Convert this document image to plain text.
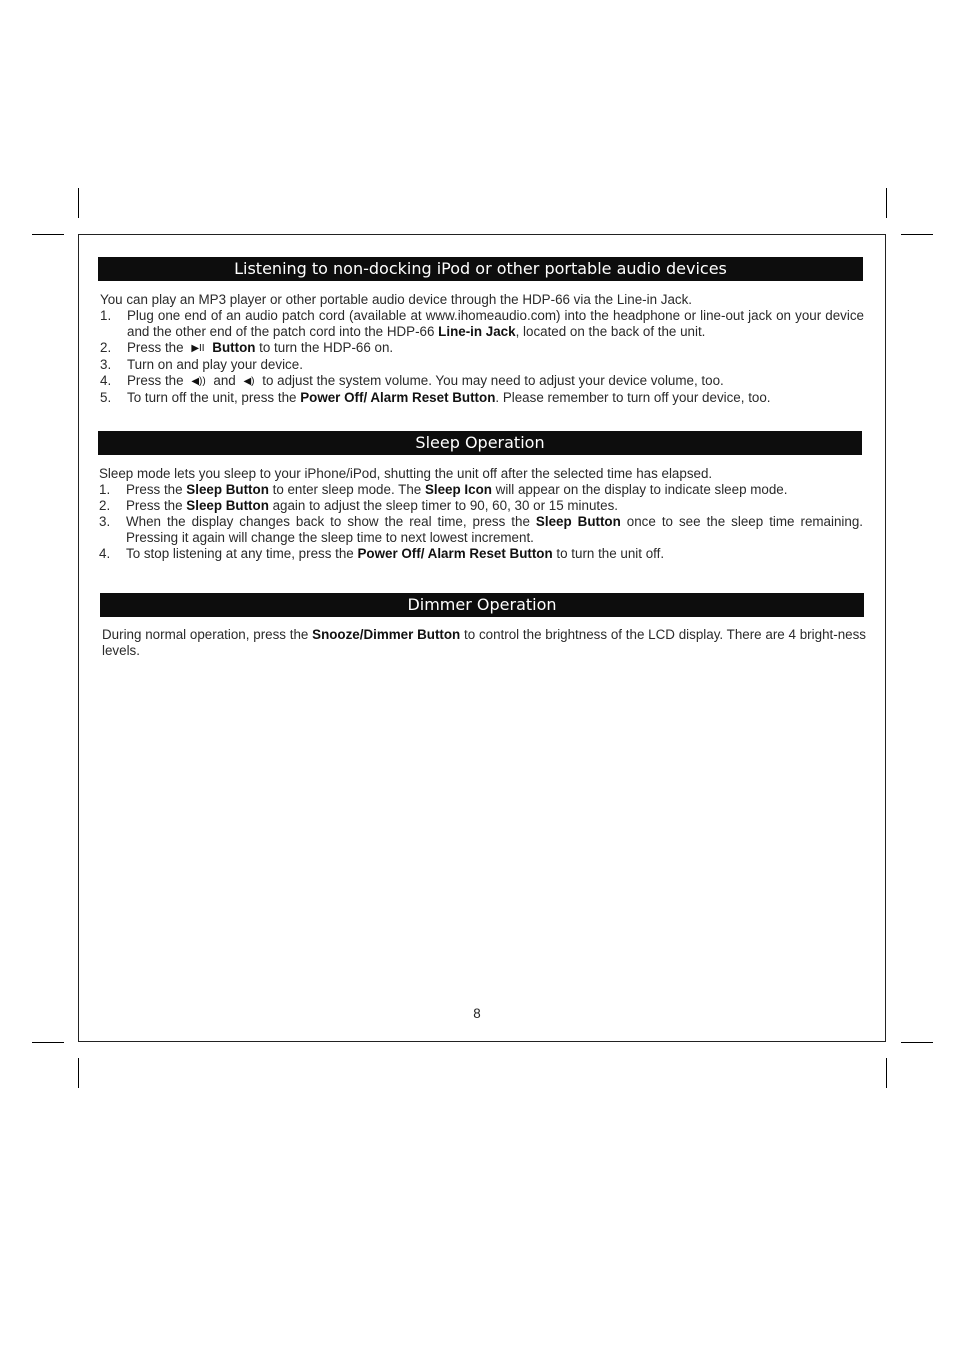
Listening to non-docking iPod or other portable audio devices

You can play an MP3 player or other portable audio device through the HDP-66 via the Line-in Jack.

1. Plug one end of an audio patch cord (available at www.ihomeaudio.com) into the headphone or line-out jack on your device and the other end of the patch cord into the HDP-66 Line-in Jack, located on the back of the unit.
2. Press the ▶II Button to turn the HDP-66 on.
3. Turn on and play your device.
4. Press the ◀)) and ◀) to adjust the system volume. You may need to adjust your device volume, too.
5. To turn off the unit, press the Power Off/ Alarm Reset Button. Please remember to turn off your device, too.
Sleep Operation

Sleep mode lets you sleep to your iPhone/iPod, shutting the unit off after the selected time has elapsed.

1. Press the Sleep Button to enter sleep mode. The Sleep Icon will appear on the display to indicate sleep mode.
2. Press the Sleep Button again to adjust the sleep timer to 90, 60, 30 or 15 minutes.
3. When the display changes back to show the real time, press the Sleep Button once to see the sleep time remaining. Pressing it again will change the sleep time to next lowest increment.
4. To stop listening at any time, press the Power Off/ Alarm Reset Button to turn the unit off.
Dimmer Operation

During normal operation, press the Snooze/Dimmer Button to control the brightness of the LCD display. There are 4 bright-ness levels.

8
